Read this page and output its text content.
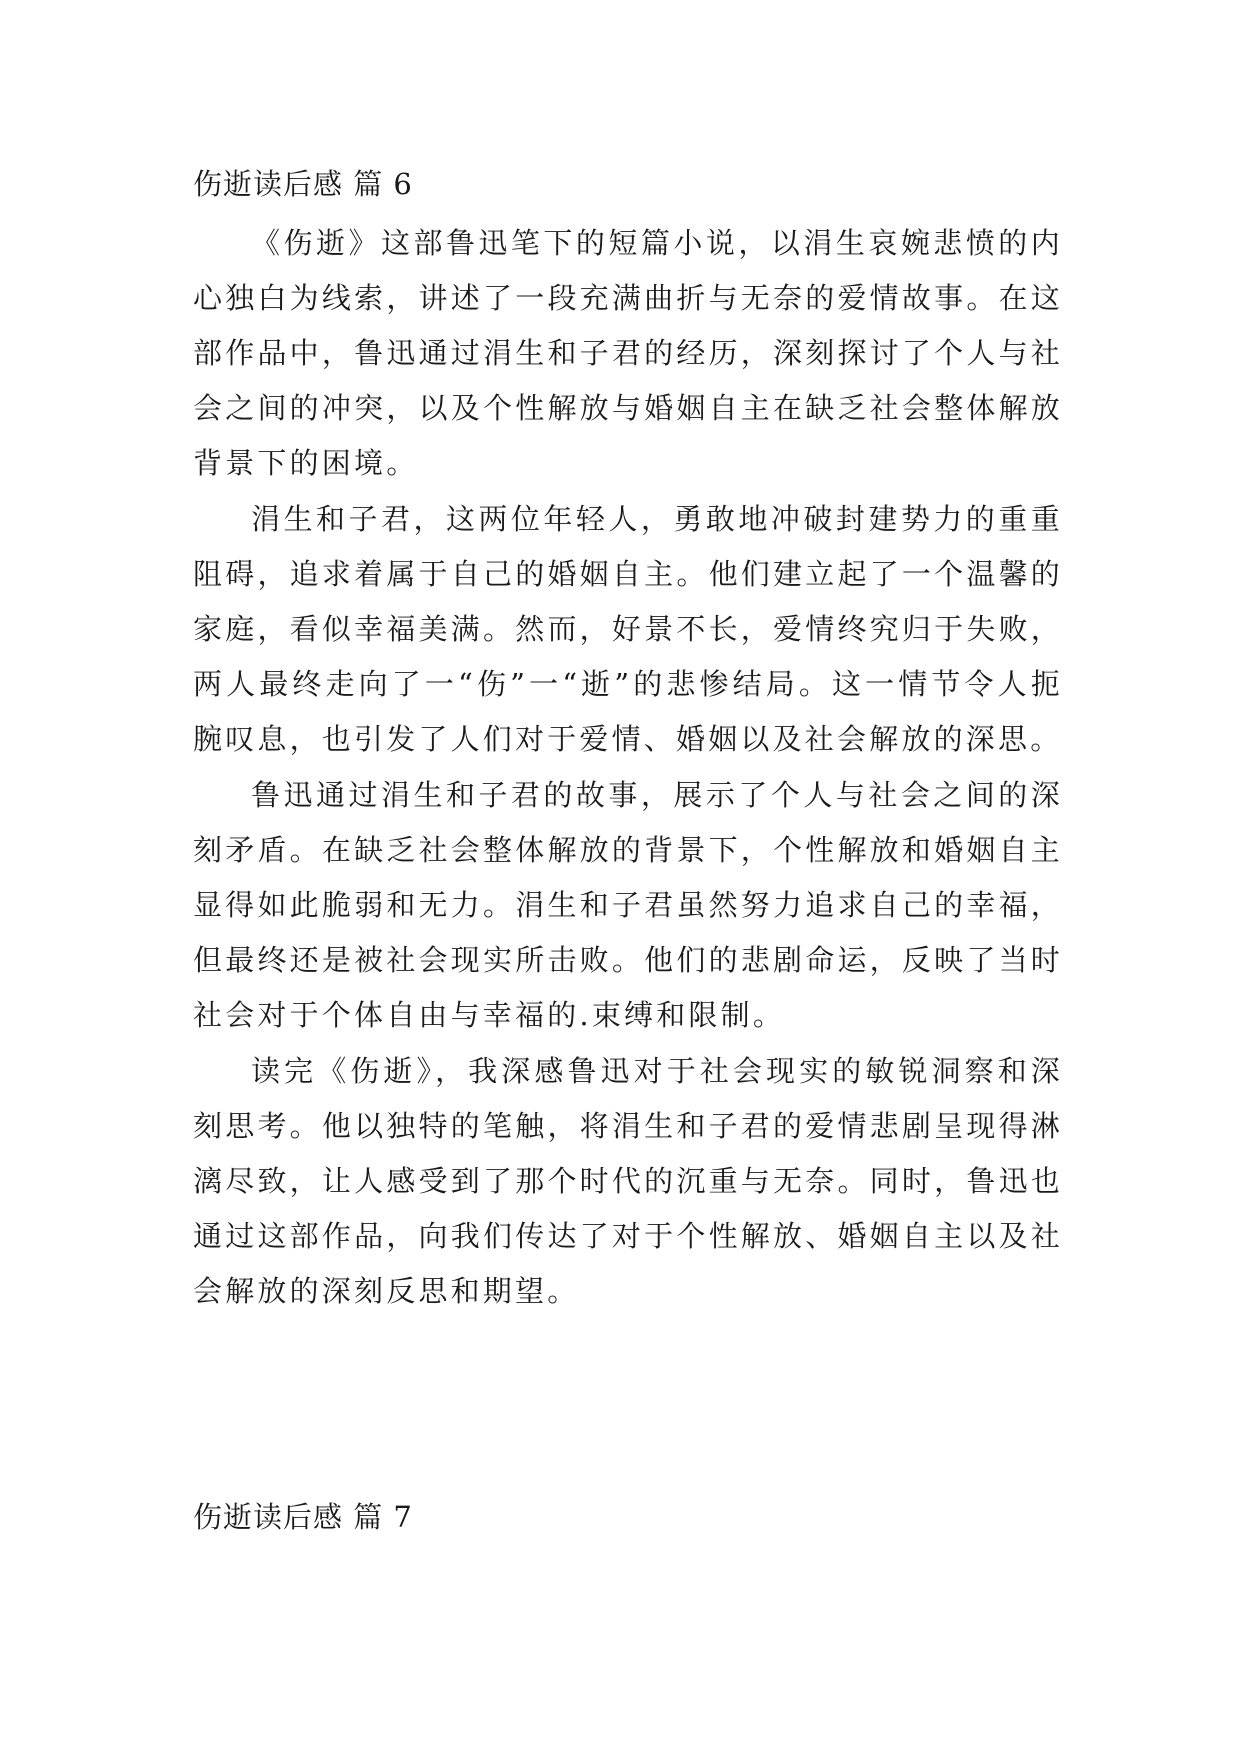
伤逝读后感 篇 6

《伤逝》这部鲁迅笔下的短篇小说，以涓生哀婉悲愤的内心独白为线索，讲述了一段充满曲折与无奈的爱情故事。在这部作品中，鲁迅通过涓生和子君的经历，深刻探讨了个人与社会之间的冲突，以及个性解放与婚姻自主在缺乏社会整体解放背景下的困境。

涓生和子君，这两位年轻人，勇敢地冲破封建势力的重重阻碍，追求着属于自己的婚姻自主。他们建立起了一个温馨的家庭，看似幸福美满。然而，好景不长，爱情终究归于失败，两人最终走向了一“伤”一“逝”的悲惨结局。这一情节令人扼腕叹息，也引发了人们对于爱情、婚姻以及社会解放的深思。

鲁迅通过涓生和子君的故事，展示了个人与社会之间的深刻矛盾。在缺乏社会整体解放的背景下，个性解放和婚姻自主显得如此脆弱和无力。涓生和子君虽然努力追求自己的幸福，但最终还是被社会现实所击败。他们的悲剧命运，反映了当时社会对于个体自由与幸福的.束缚和限制。

读完《伤逝》，我深感鲁迅对于社会现实的敏锐洞察和深刻思考。他以独特的笔触，将涓生和子君的爱情悲剧呈现得淋漓尽致，让人感受到了那个时代的沉重与无奈。同时，鲁迅也通过这部作品，向我们传达了对于个性解放、婚姻自主以及社会解放的深刻反思和期望。

伤逝读后感 篇 7
